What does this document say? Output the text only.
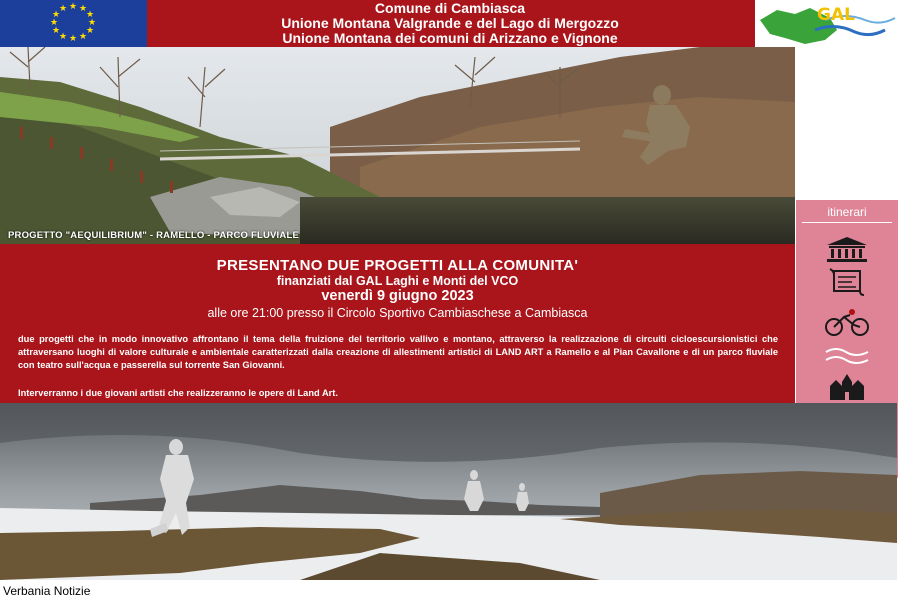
★ ★
★
★
★
★
★
★
★
★
★
★	Comune di Cambiasca
Unione Montana Valgrande e del Lago di Mergozzo
Unione Montana dei comuni di Arizzano e Vignone
GAL
PROGETTO "AEQUILIBRIUM" - RAMELLO - PARCO FLUVIALE
itinerari
PRESENTANO DUE PROGETTI ALLA COMUNITA'
finanziati dal GAL Laghi e Monti del VCO
venerdì 9 giugno 2023
alle ore 21:00 presso il Circolo Sportivo Cambiaschese a Cambiasca
due progetti che in modo innovativo affrontano il tema della fruizione del territorio vallivo e montano, attraverso la realizzazione di circuiti cicloescursionistici che attraversano luoghi di valore culturale e ambientale caratterizzati dalla creazione di allestimenti artistici di LAND ART a Ramello e al Pian Cavallone e di un parco fluviale con teatro sull'acqua e passerella sul torrente San Giovanni.
Interverranno i due giovani artisti che realizzeranno le opere di Land Art.
Verbania Notizie
